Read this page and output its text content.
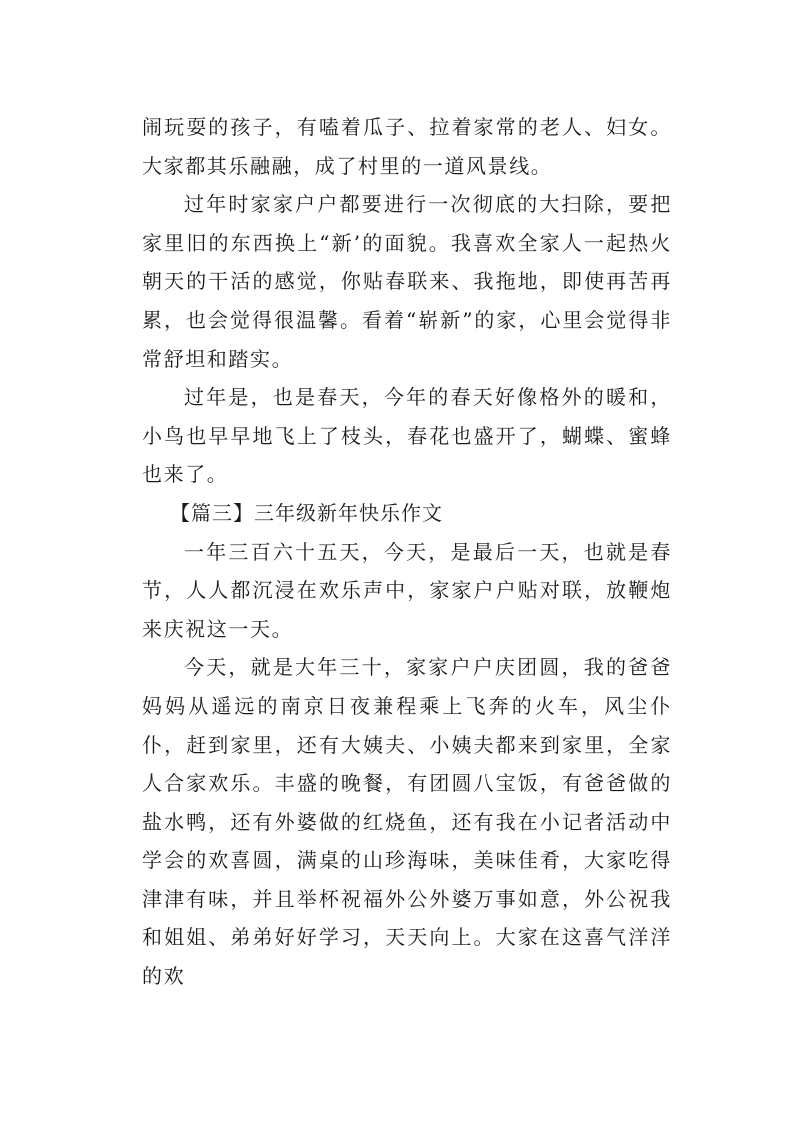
闹玩耍的孩子，有嗑着瓜子、拉着家常的老人、妇女。大家都其乐融融，成了村里的一道风景线。

过年时家家户户都要进行一次彻底的大扫除，要把家里旧的东西换上“新’的面貌。我喜欢全家人一起热火朝天的干活的感觉，你贴春联来、我拖地，即使再苦再累，也会觉得很温馨。看着“崭新”的家，心里会觉得非常舒坦和踏实。

过年是，也是春天，今年的春天好像格外的暖和，小鸟也早早地飞上了枝头，春花也盛开了，蝴蝶、蜜蜂也来了。

【篇三】三年级新年快乐作文

一年三百六十五天，今天，是最后一天，也就是春节，人人都沉浸在欢乐声中，家家户户贴对联，放鞭炮来庆祝这一天。

今天，就是大年三十，家家户户庆团圆，我的爸爸妈妈从遥远的南京日夜兼程乘上飞奔的火车，风尘仆仆，赶到家里，还有大姨夫、小姨夫都来到家里，全家人合家欢乐。丰盛的晚餐，有团圆八宝饭，有爸爸做的盐水鸭，还有外婆做的红烧鱼，还有我在小记者活动中学会的欢喜圆，满桌的山珍海味，美味佳肴，大家吃得津津有味，并且举杯祝福外公外婆万事如意，外公祝我和姐姐、弟弟好好学习，天天向上。大家在这喜气洋洋的欢
